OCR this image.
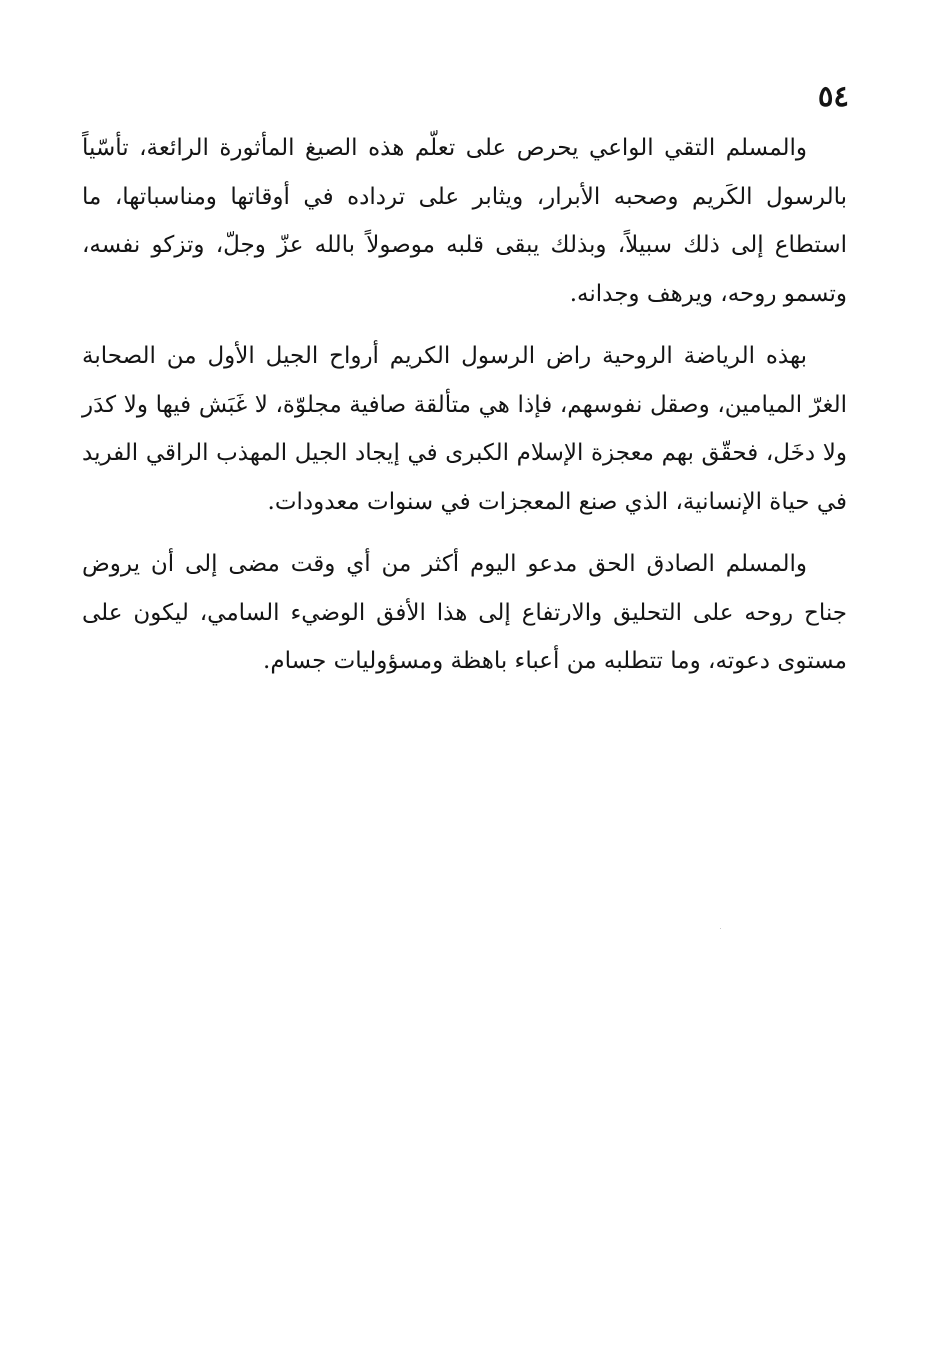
٥٤

والمسلم التقي الواعي يحرص على تعلّم هذه الصيغ المأثورة الرائعة، تأسّياً بالرسول الكَريم وصحبه الأبرار، ويثابر على ترداده في أوقاتها ومناسباتها، ما استطاع إلى ذلك سبيلاً، وبذلك يبقى قلبه موصولاً بالله عزّ وجلّ، وتزكو نفسه، وتسمو روحه، ويرهف وجدانه.

بهذه الرياضة الروحية راض الرسول الكريم أرواح الجيل الأول من الصحابة الغرّ الميامين، وصقل نفوسهم، فإذا هي متألقة صافية مجلوّة، لا غَبَش فيها ولا كدَر ولا دخَل، فحقّق بهم معجزة الإسلام الكبرى في إيجاد الجيل المهذب الراقي الفريد في حياة الإنسانية، الذي صنع المعجزات في سنوات معدودات.

والمسلم الصادق الحق مدعو اليوم أكثر من أي وقت مضى إلى أن يروض جناح روحه على التحليق والارتفاع إلى هذا الأفق الوضيء السامي، ليكون على مستوى دعوته، وما تتطلبه من أعباء باهظة ومسؤوليات جسام.
